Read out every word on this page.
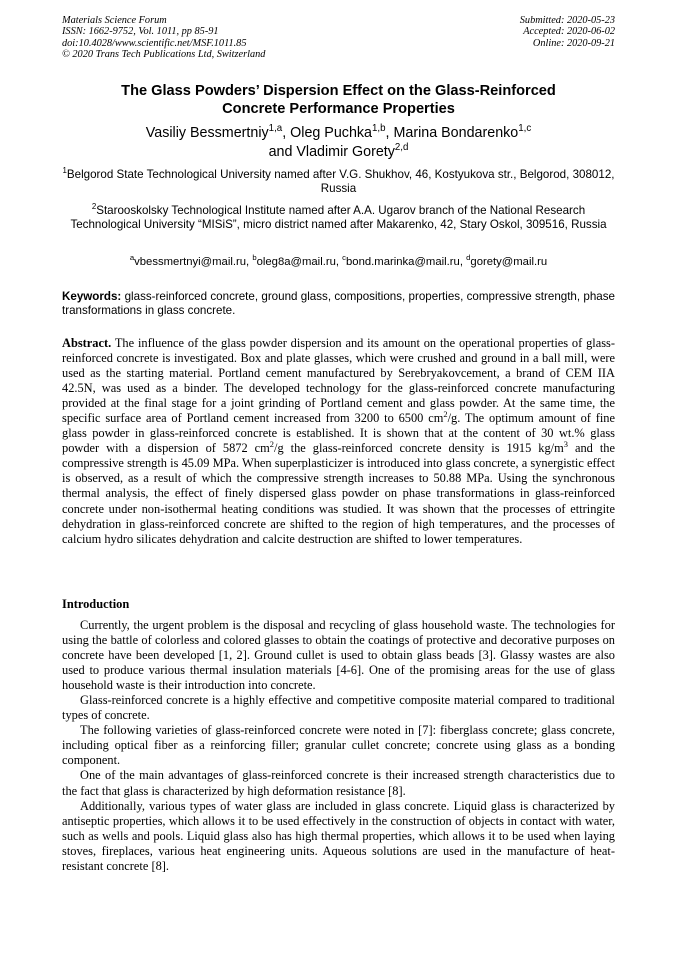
Materials Science Forum
ISSN: 1662-9752, Vol. 1011, pp 85-91
doi:10.4028/www.scientific.net/MSF.1011.85
© 2020 Trans Tech Publications Ltd, Switzerland
Submitted: 2020-05-23
Accepted: 2020-06-02
Online: 2020-09-21
The Glass Powders’ Dispersion Effect on the Glass-Reinforced
Concrete Performance Properties
Vasiliy Bessmertniy$^{1,a}$, Oleg Puchka$^{1,b}$, Marina Bondarenko$^{1,c}$
and Vladimir Gorety$^{2,d}$
$^1$Belgorod State Technological University named after V.G. Shukhov, 46, Kostyukova str., Belgorod, 308012, Russia
$^2$Starooskolsky Technological Institute named after A.A. Ugarov branch of the National Research Technological University “MISiS”, micro district named after Makarenko, 42, Stary Oskol, 309516, Russia
$^a$vbessmertnyi@mail.ru, $^b$oleg8a@mail.ru, $^c$bond.marinka@mail.ru, $^d$gorety@mail.ru
Keywords: glass-reinforced concrete, ground glass, compositions, properties, compressive strength, phase transformations in glass concrete.
Abstract. The influence of the glass powder dispersion and its amount on the operational properties of glass-reinforced concrete is investigated. Box and plate glasses, which were crushed and ground in a ball mill, were used as the starting material. Portland cement manufactured by Serebryakovcement, a brand of CEM IIA 42.5N, was used as a binder. The developed technology for the glass-reinforced concrete manufacturing provided at the final stage for a joint grinding of Portland cement and glass powder. At the same time, the specific surface area of Portland cement increased from 3200 to 6500 $cm^2/g$. The optimum amount of fine glass powder in glass-reinforced concrete is established. It is shown that at the content of 30 wt.% glass powder with a dispersion of 5872 $cm^2/g$ the glass-reinforced concrete density is 1915 $kg/m^3$ and the compressive strength is 45.09 MPa. When superplasticizer is introduced into glass concrete, a synergistic effect is observed, as a result of which the compressive strength increases to 50.88 MPa. Using the synchronous thermal analysis, the effect of finely dispersed glass powder on phase transformations in glass-reinforced concrete under non-isothermal heating conditions was studied. It was shown that the processes of ettringite dehydration in glass-reinforced concrete are shifted to the region of high temperatures, and the processes of calcium hydro silicates dehydration and calcite destruction are shifted to lower temperatures.
Introduction

Currently, the urgent problem is the disposal and recycling of glass household waste. The technologies for using the battle of colorless and colored glasses to obtain the coatings of protective and decorative purposes on concrete have been developed [1, 2]. Ground cullet is used to obtain glass beads [3]. Glassy wastes are also used to produce various thermal insulation materials [4-6]. One of the promising areas for the use of glass household waste is their introduction into concrete.

Glass-reinforced concrete is a highly effective and competitive composite material compared to traditional types of concrete.

The following varieties of glass-reinforced concrete were noted in [7]: fiberglass concrete; glass concrete, including optical fiber as a reinforcing filler; granular cullet concrete; concrete using glass as a bonding component.

One of the main advantages of glass-reinforced concrete is their increased strength characteristics due to the fact that glass is characterized by high deformation resistance [8].

Additionally, various types of water glass are included in glass concrete. Liquid glass is characterized by antiseptic properties, which allows it to be used effectively in the construction of objects in contact with water, such as wells and pools. Liquid glass also has high thermal properties, which allows it to be used when laying stoves, fireplaces, various heat engineering units. Aqueous solutions are used in the manufacture of heat-resistant concrete [8].
